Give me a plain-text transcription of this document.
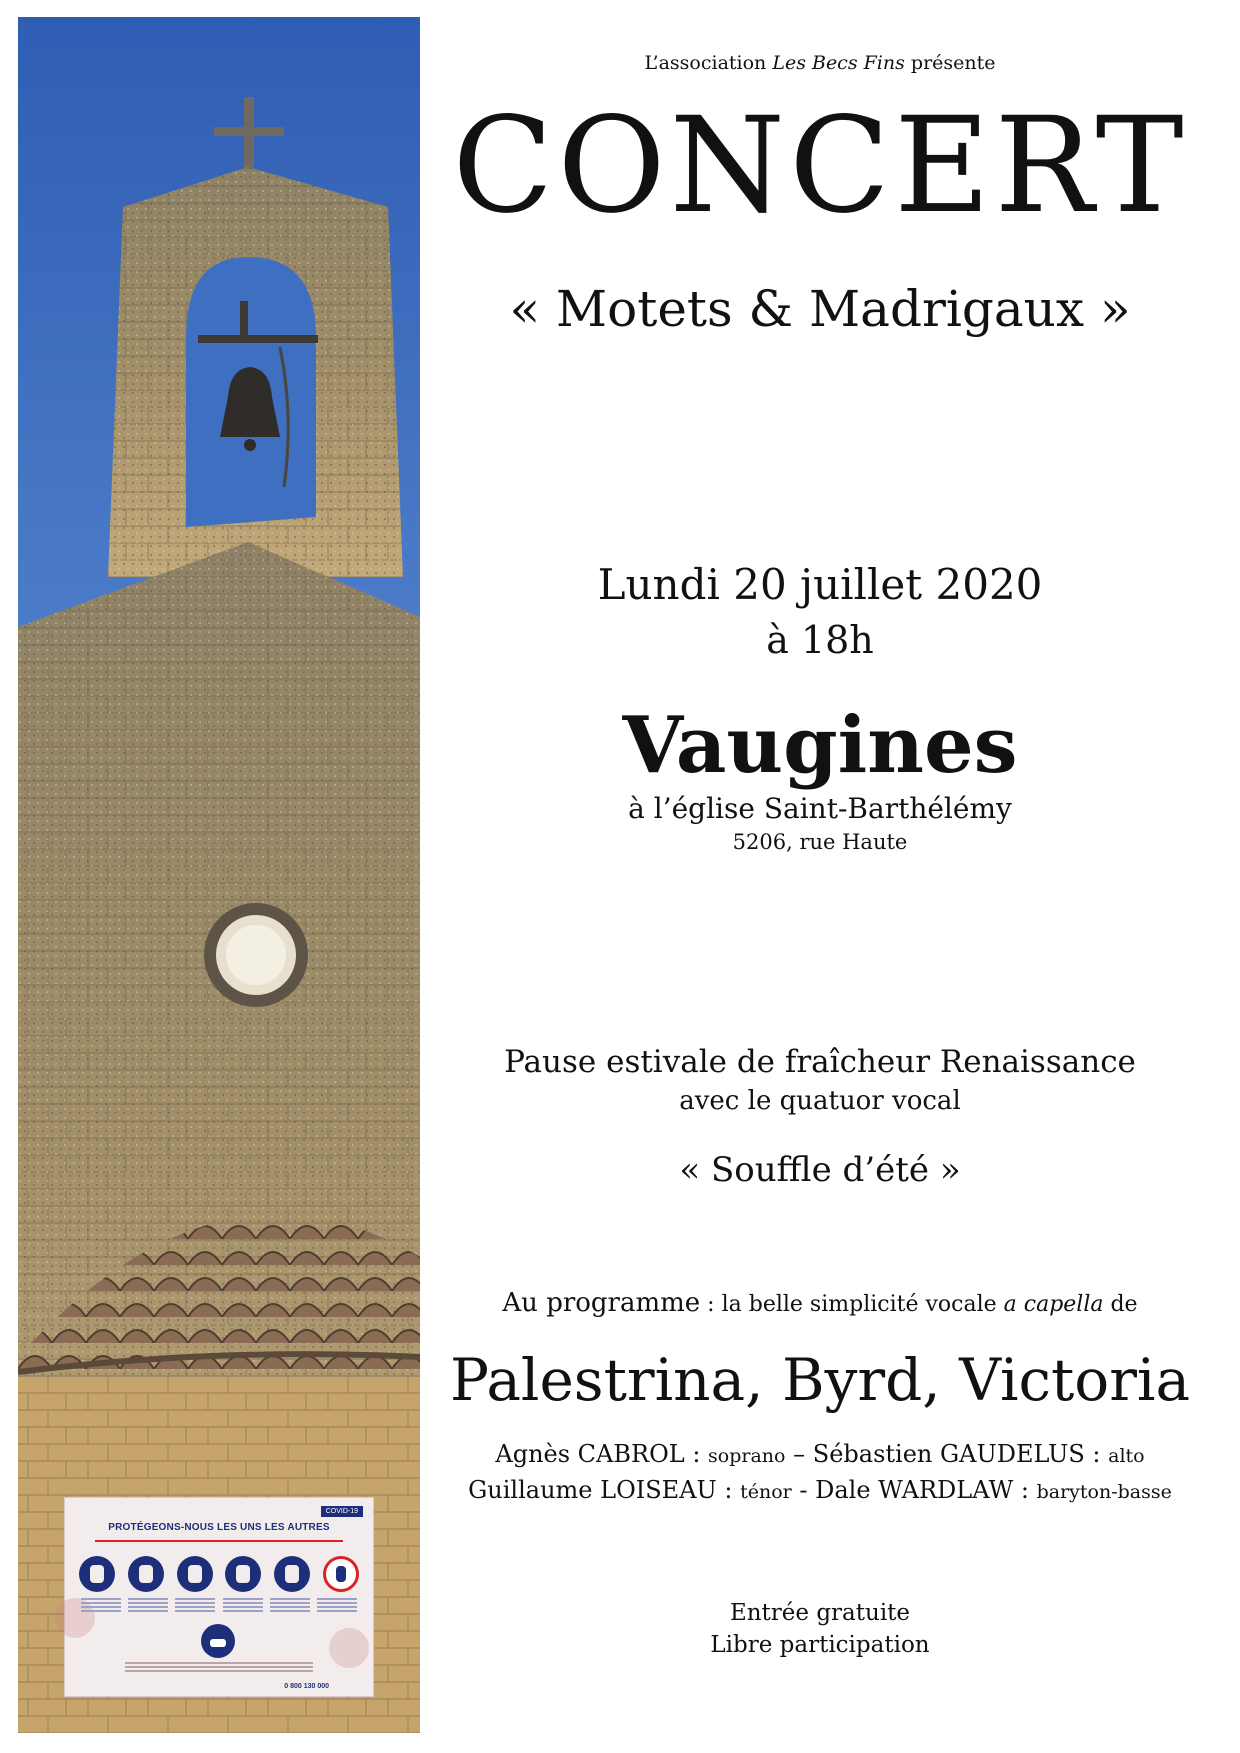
COVID-19
PROTÉGEONS-NOUS LES UNS LES AUTRES
0 800 130 000
L’association Les Becs Fins présente
CONCERT
« Motets & Madrigaux »
Lundi 20 juillet 2020
à 18h
Vaugines
à l’église Saint-Barthélémy
5206, rue Haute
Pause estivale de fraîcheur Renaissance
avec le quatuor vocal
« Souffle d’été »
Au programme : la belle simplicité vocale a capella de
Palestrina, Byrd, Victoria
Agnès CABROL : soprano – Sébastien GAUDELUS : alto
Guillaume LOISEAU : ténor - Dale WARDLAW : baryton-basse
Entrée gratuite
Libre participation
